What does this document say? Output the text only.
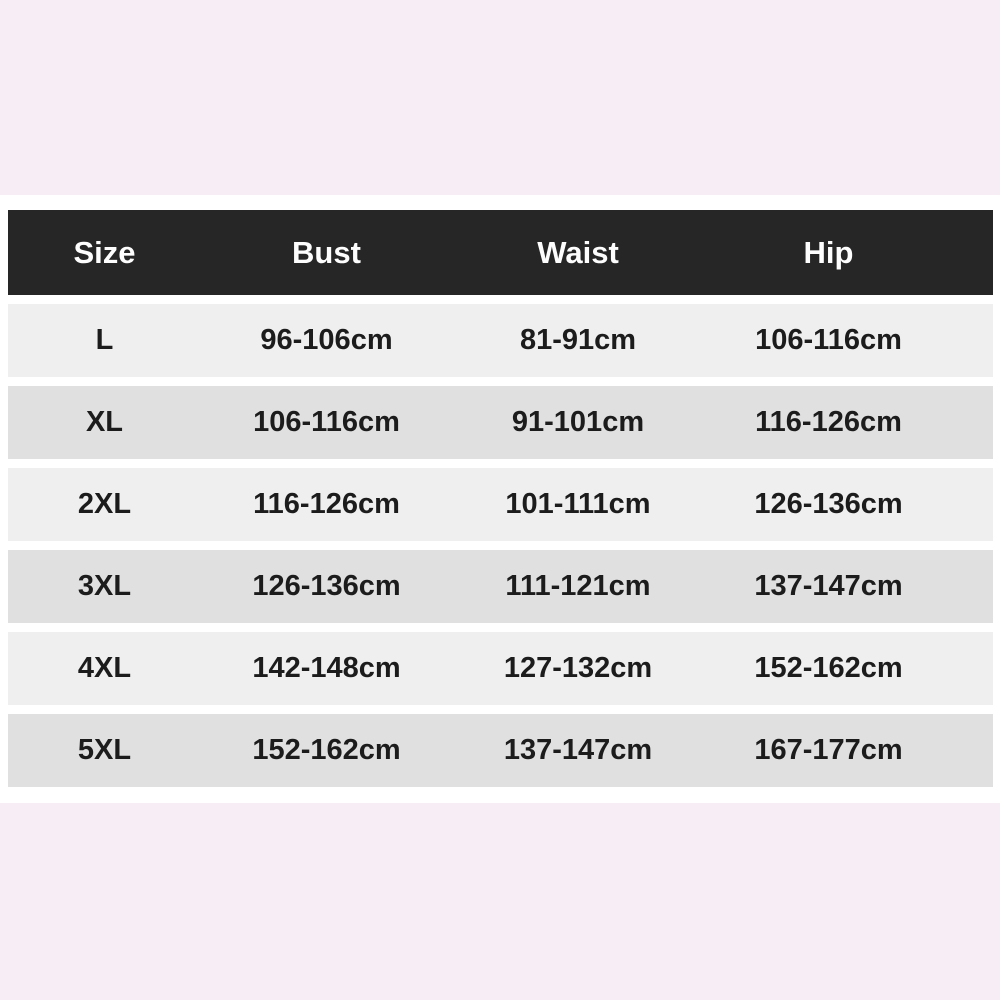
Size	Bust	Waist	Hip
L	96-106cm	81-91cm	106-116cm
XL	106-116cm	91-101cm	116-126cm
2XL	116-126cm	101-111cm	126-136cm
3XL	126-136cm	111-121cm	137-147cm
4XL	142-148cm	127-132cm	152-162cm
5XL	152-162cm	137-147cm	167-177cm
